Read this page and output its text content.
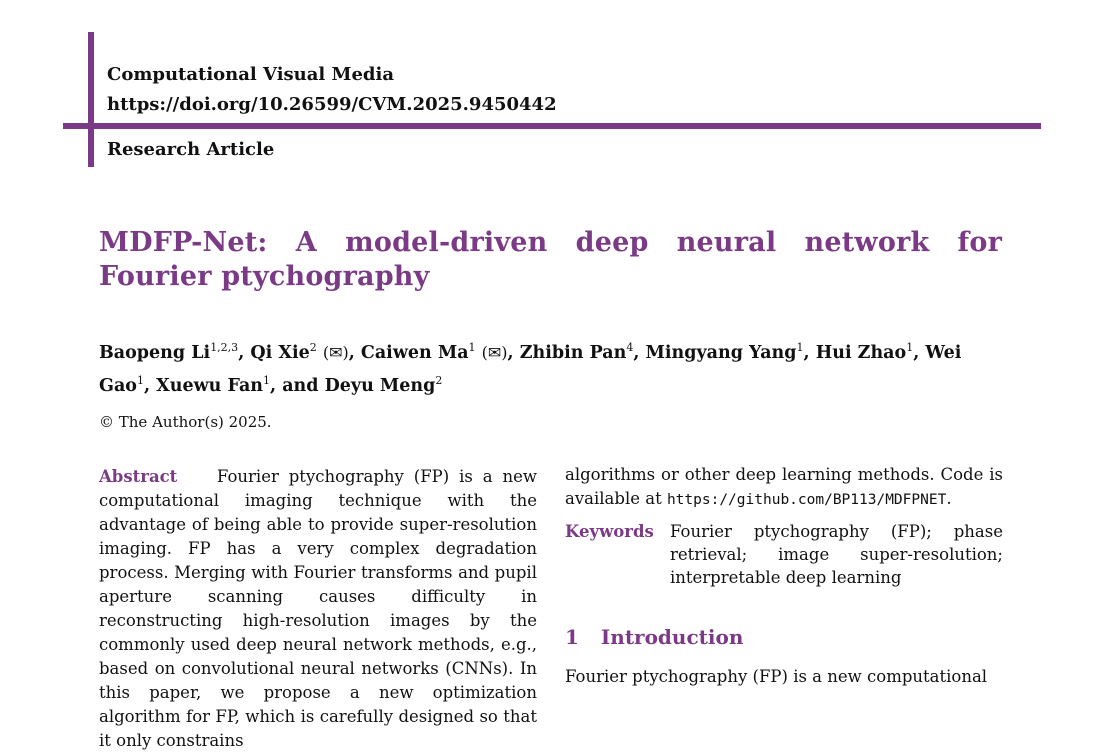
Computational Visual Media
https://doi.org/10.26599/CVM.2025.9450442
Research Article
MDFP-Net: A model-driven deep neural network for Fourier ptychography

Baopeng Li$^{1,2,3}$, Qi Xie$^2$ (✉), Caiwen Ma$^1$ (✉), Zhibin Pan$^4$, Mingyang Yang$^1$, Hui Zhao$^1$, Wei Gao$^1$, Xuewu Fan$^1$, and Deyu Meng$^2$

© The Author(s) 2025.

Abstract Fourier ptychography (FP) is a new computational imaging technique with the advantage of being able to provide super-resolution imaging. FP has a very complex degradation process. Merging with Fourier transforms and pupil aperture scanning causes difficulty in reconstructing high-resolution images by the commonly used deep neural network methods, e.g., based on convolutional neural networks (CNNs). In this paper, we propose a new optimization algorithm for FP, which is carefully designed so that it only constrains

algorithms or other deep learning methods. Code is available at https://github.com/BP113/MDFPNET.

Keywords Fourier ptychography (FP); phase retrieval; image super-resolution; interpretable deep learning
1 Introduction

Fourier ptychography (FP) is a new computational
